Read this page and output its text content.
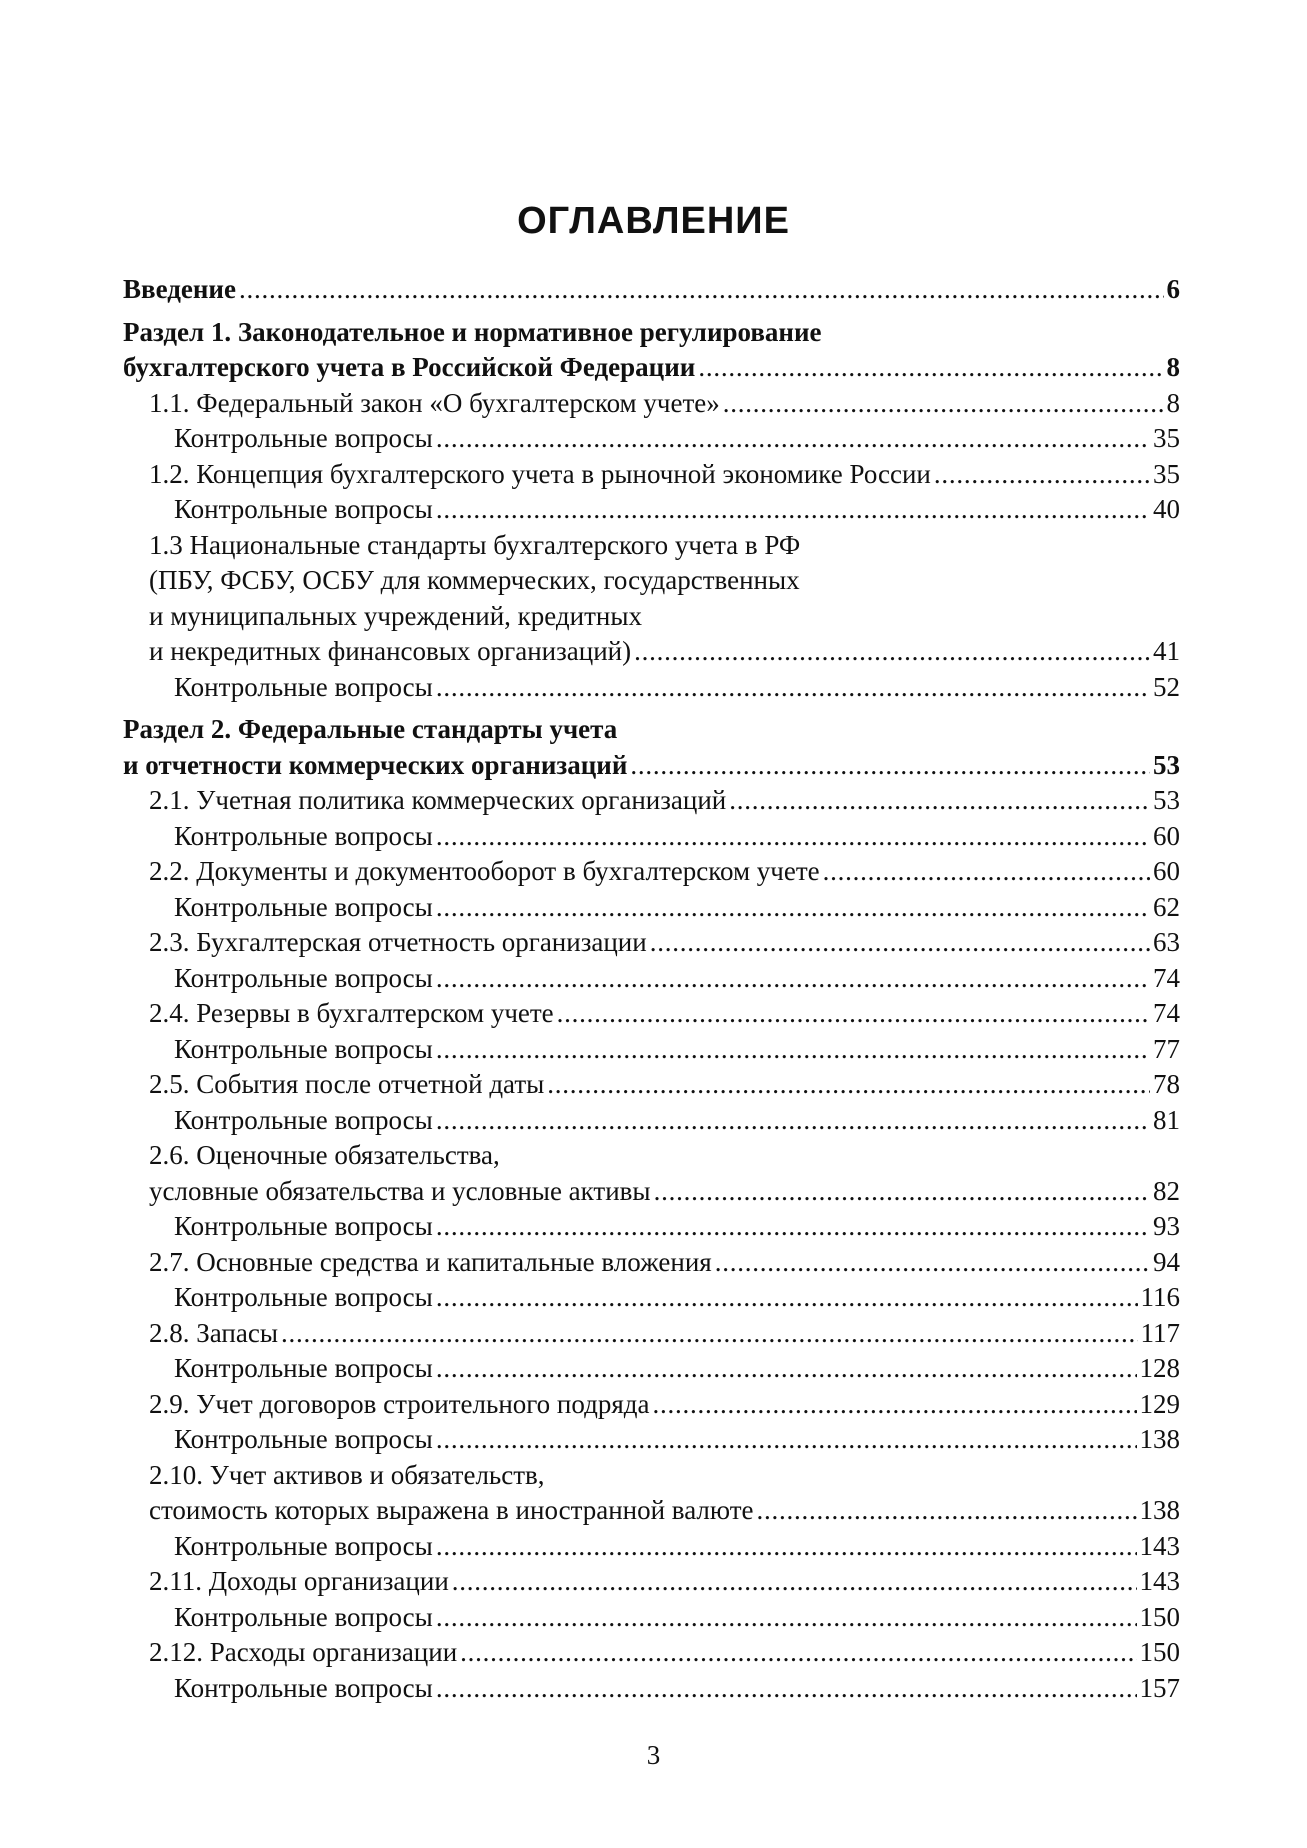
ОГЛАВЛЕНИЕ
Введение . . .	6
Раздел 1. Законодательное и нормативное регулирование
бухгалтерского учета в Российской Федерации . . .	8
1.1. Федеральный закон «О бухгалтерском учете» . . .	8
Контрольные вопросы . . .	35
1.2. Концепция бухгалтерского учета в рыночной экономике России . . .	35
Контрольные вопросы . . .	40
1.3 Национальные стандарты бухгалтерского учета в РФ
(ПБУ, ФСБУ, ОСБУ для коммерческих, государственных
и муниципальных учреждений, кредитных
и некредитных финансовых организаций) . . .	41
Контрольные вопросы . . .	52
Раздел 2. Федеральные стандарты учета
и отчетности коммерческих организаций . . .	53
2.1. Учетная политика коммерческих организаций . . .	53
Контрольные вопросы . . .	60
2.2. Документы и документооборот в бухгалтерском учете . . .	60
Контрольные вопросы . . .	62
2.3. Бухгалтерская отчетность организации . . .	63
Контрольные вопросы . . .	74
2.4. Резервы в бухгалтерском учете . . .	74
Контрольные вопросы . . .	77
2.5. События после отчетной даты . . .	78
Контрольные вопросы . . .	81
2.6. Оценочные обязательства,
условные обязательства и условные активы . . .	82
Контрольные вопросы . . .	93
2.7. Основные средства и капитальные вложения . . .	94
Контрольные вопросы . . .	116
2.8. Запасы . . .	117
Контрольные вопросы . . .	128
2.9. Учет договоров строительного подряда . . .	129
Контрольные вопросы . . .	138
2.10. Учет активов и обязательств,
стоимость которых выражена в иностранной валюте . . .	138
Контрольные вопросы . . .	143
2.11. Доходы организации . . .	143
Контрольные вопросы . . .	150
2.12. Расходы организации . . .	150
Контрольные вопросы . . .	157
3
